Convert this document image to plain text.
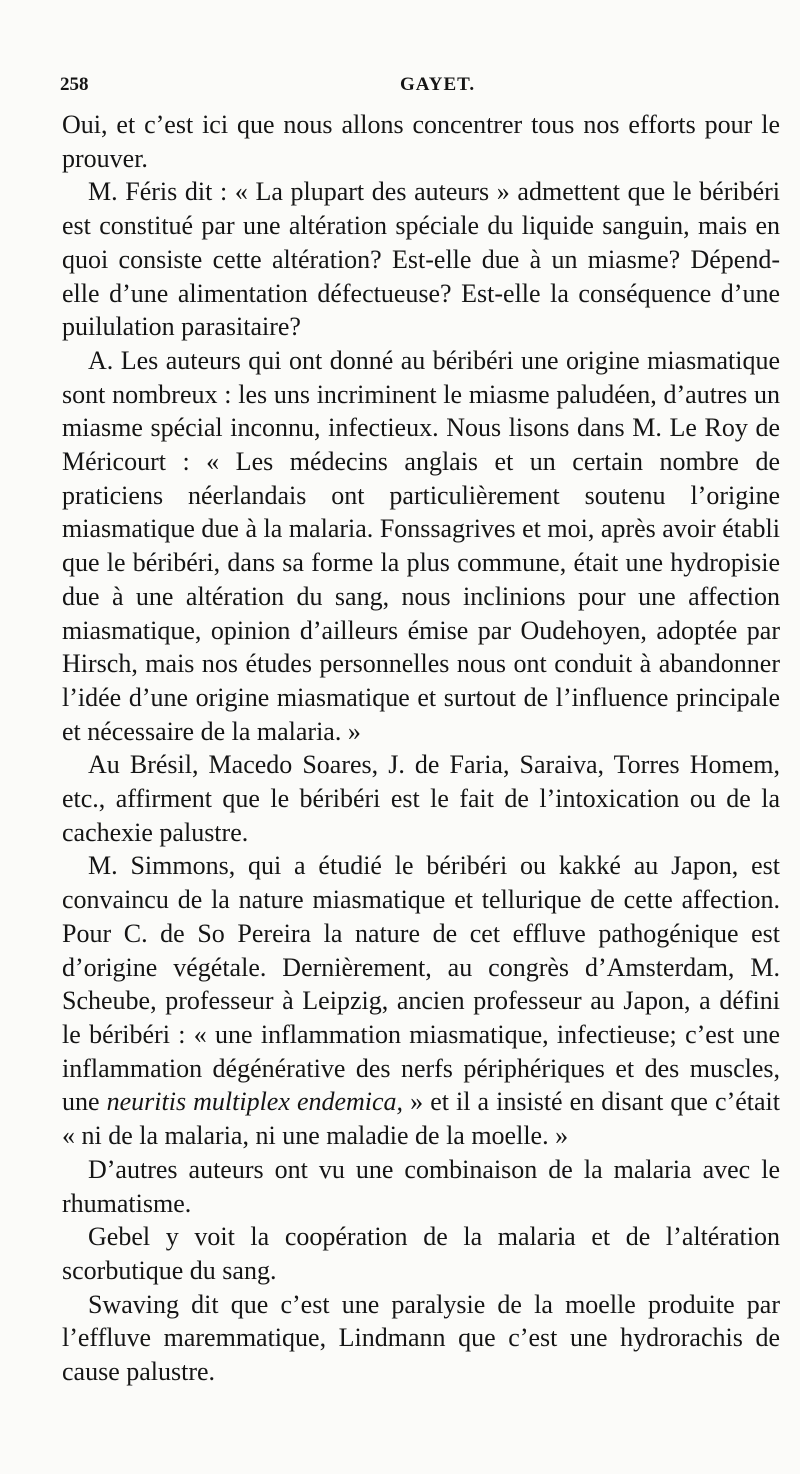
258	GAYET.

Oui, et c’est ici que nous allons concentrer tous nos efforts pour le prouver.

M. Féris dit : « La plupart des auteurs » admettent que le béribéri est constitué par une altération spéciale du liquide sanguin, mais en quoi consiste cette altération? Est-elle due à un miasme? Dépend-elle d’une alimentation défectueuse? Est-elle la conséquence d’une puilulation parasitaire?

A. Les auteurs qui ont donné au béribéri une origine miasmatique sont nombreux : les uns incriminent le miasme paludéen, d’autres un miasme spécial inconnu, infectieux. Nous lisons dans M. Le Roy de Méricourt : « Les médecins anglais et un certain nombre de praticiens néerlandais ont particulièrement soutenu l’origine miasmatique due à la malaria. Fonssagrives et moi, après avoir établi que le béribéri, dans sa forme la plus commune, était une hydropisie due à une altération du sang, nous inclinions pour une affection miasmatique, opinion d’ailleurs émise par Oudehoyen, adoptée par Hirsch, mais nos études personnelles nous ont conduit à abandonner l’idée d’une origine miasmatique et surtout de l’influence principale et nécessaire de la malaria. »

Au Brésil, Macedo Soares, J. de Faria, Saraiva, Torres Homem, etc., affirment que le béribéri est le fait de l’intoxication ou de la cachexie palustre.

M. Simmons, qui a étudié le béribéri ou kakké au Japon, est convaincu de la nature miasmatique et tellurique de cette affection. Pour C. de So Pereira la nature de cet effluve pathogénique est d’origine végétale. Dernièrement, au congrès d’Amsterdam, M. Scheube, professeur à Leipzig, ancien professeur au Japon, a défini le béribéri : « une inflammation miasmatique, infectieuse; c’est une inflammation dégénérative des nerfs périphériques et des muscles, une neuritis multiplex endemica, » et il a insisté en disant que c’était « ni de la malaria, ni une maladie de la moelle. »

D’autres auteurs ont vu une combinaison de la malaria avec le rhumatisme.

Gebel y voit la coopération de la malaria et de l’altération scorbutique du sang.

Swaving dit que c’est une paralysie de la moelle produite par l’effluve maremmatique, Lindmann que c’est une hydrorachis de cause palustre.
